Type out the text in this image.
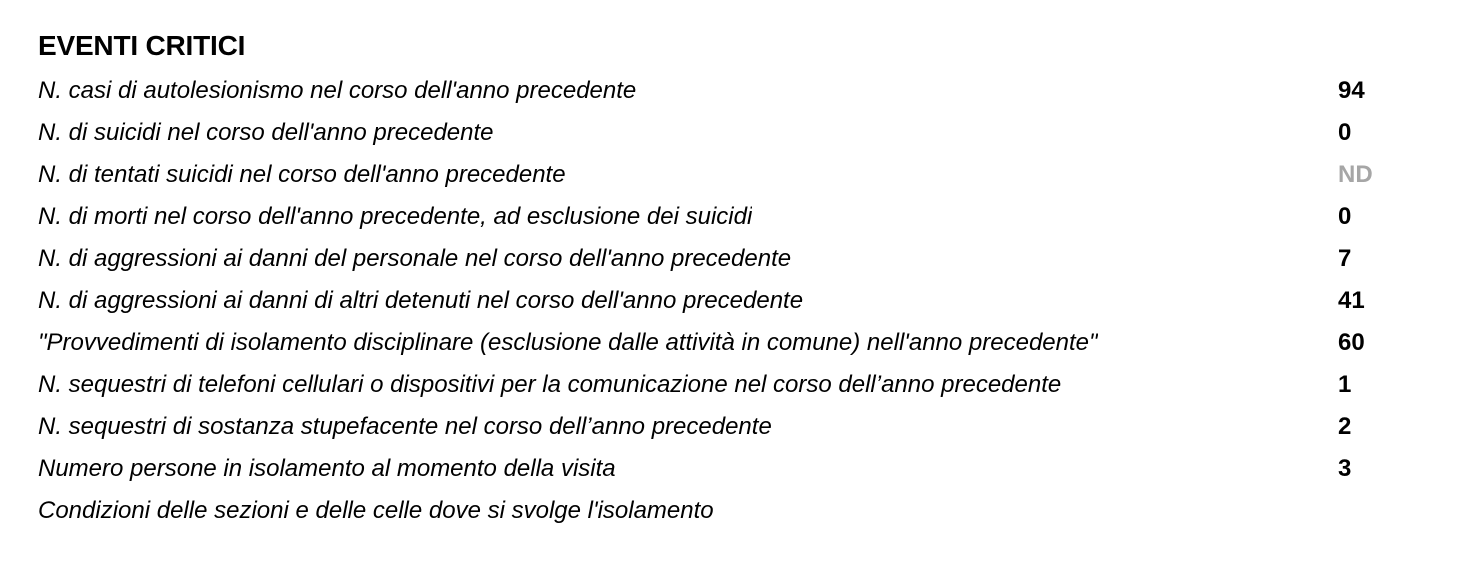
EVENTI CRITICI
N. casi di autolesionismo nel corso dell'anno precedente	94
N. di suicidi nel corso dell'anno precedente	0
N. di tentati suicidi nel corso dell'anno precedente	ND
N. di morti nel corso dell'anno precedente, ad esclusione dei suicidi	0
N. di aggressioni ai danni del personale nel corso dell'anno precedente	7
N. di aggressioni ai danni di altri detenuti nel corso dell'anno precedente	41
"Provvedimenti di isolamento disciplinare (esclusione dalle attività in comune) nell'anno precedente"	60
N. sequestri di telefoni cellulari o dispositivi per la comunicazione nel corso dell’anno precedente	1
N. sequestri di sostanza stupefacente nel corso dell’anno precedente	2
Numero persone in isolamento al momento della visita	3
Condizioni delle sezioni e delle celle dove si svolge l'isolamento
